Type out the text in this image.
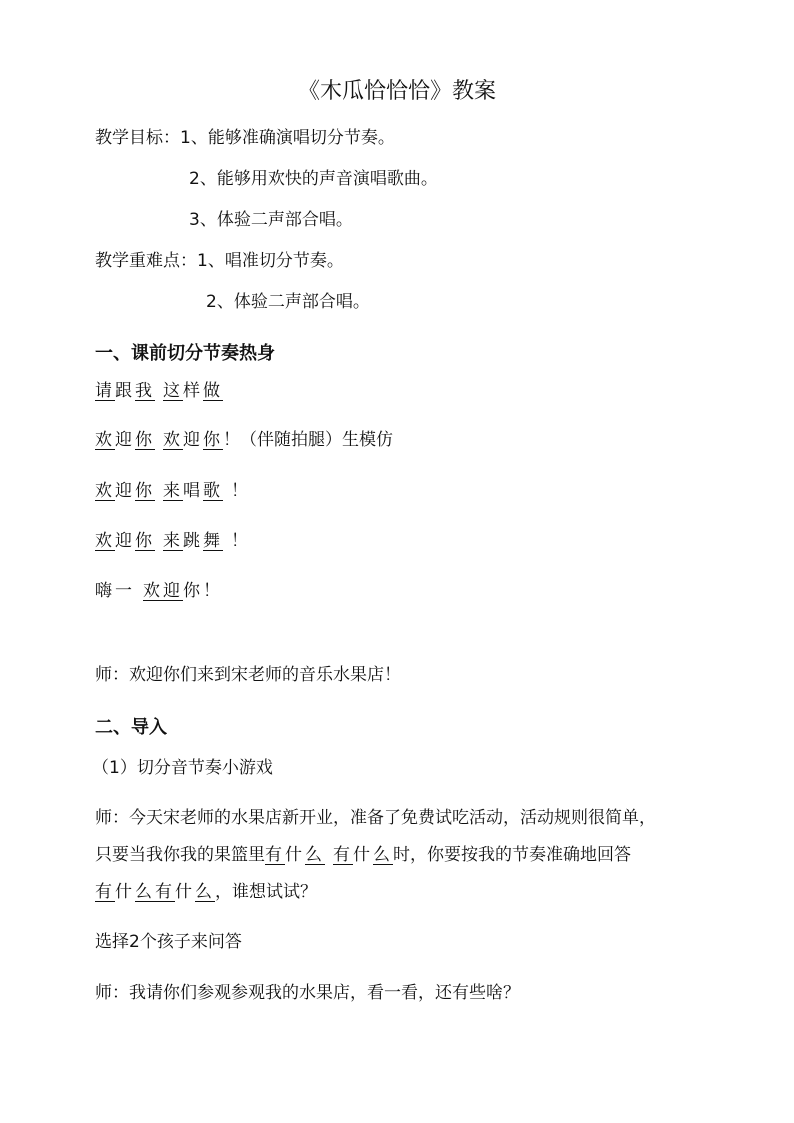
《木瓜恰恰恰》教案
教学目标：1、能够准确演唱切分节奏。
2、能够用欢快的声音演唱歌曲。
3、体验二声部合唱。
教学重难点：1、唱准切分节奏。
2、体验二声部合唱。
一、课前切分节奏热身
请跟我 这样做
欢迎你 欢迎你！（伴随拍腿）生模仿
欢迎你 来唱歌 ！
欢迎你 来跳舞 ！
嗨一 欢迎你！
师：欢迎你们来到宋老师的音乐水果店！
二、导入
（1）切分音节奏小游戏
师：今天宋老师的水果店新开业，准备了免费试吃活动，活动规则很简单，
只要当我你我的果篮里有什么 有什么时，你要按我的节奏准确地回答
有什么有什么，谁想试试？
选择2个孩子来问答
师：我请你们参观参观我的水果店，看一看，还有些啥？
